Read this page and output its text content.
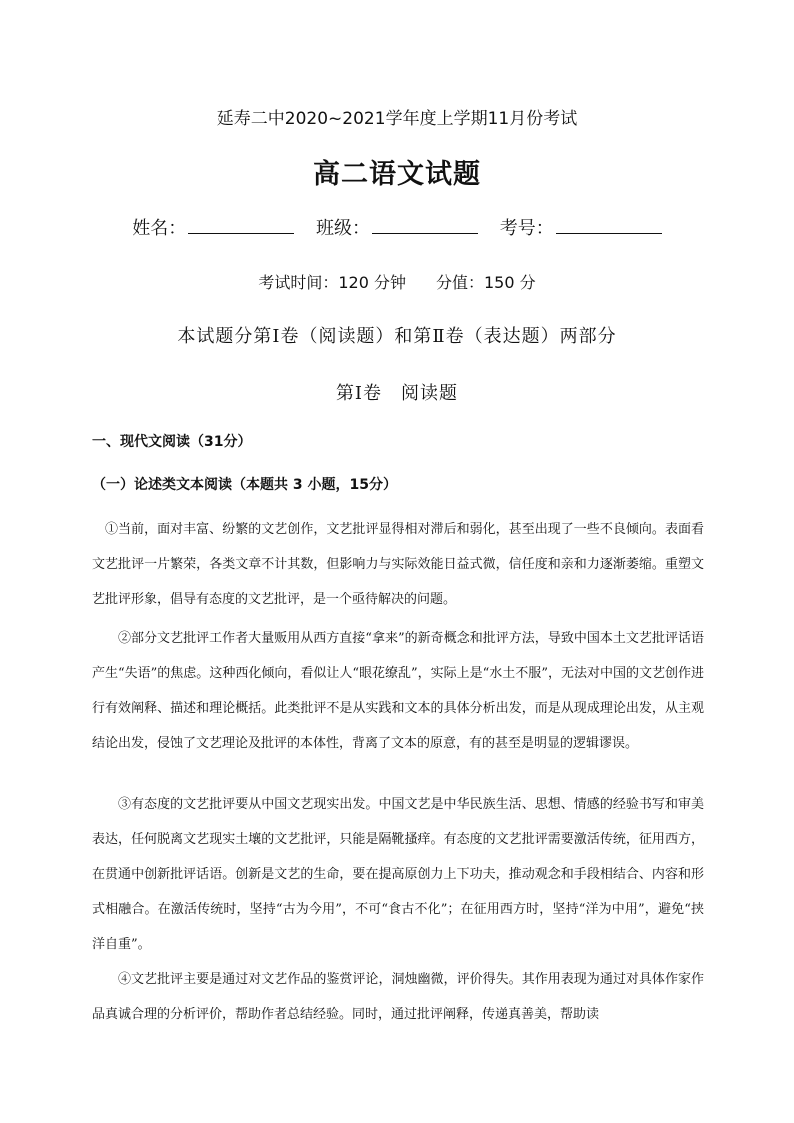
延寿二中2020~2021学年度上学期11月份考试
高二语文试题
姓名：	班级：	考号：
考试时间：120 分钟 分值：150 分
本试题分第Ⅰ卷（阅读题）和第Ⅱ卷（表达题）两部分
第Ⅰ卷　阅读题
一、现代文阅读（31分）
（一）论述类文本阅读（本题共 3 小题，15分）

①当前，面对丰富、纷繁的文艺创作，文艺批评显得相对滞后和弱化，甚至出现了一些不良倾向。表面看文艺批评一片繁荣，各类文章不计其数，但影响力与实际效能日益式微，信任度和亲和力逐渐萎缩。重塑文艺批评形象，倡导有态度的文艺批评，是一个亟待解决的问题。

②部分文艺批评工作者大量贩用从西方直接“拿来”的新奇概念和批评方法，导致中国本土文艺批评话语产生“失语”的焦虑。这种西化倾向，看似让人“眼花缭乱”，实际上是“水土不服”，无法对中国的文艺创作进行有效阐释、描述和理论概括。此类批评不是从实践和文本的具体分析出发，而是从现成理论出发，从主观结论出发，侵蚀了文艺理论及批评的本体性，背离了文本的原意，有的甚至是明显的逻辑谬误。

③有态度的文艺批评要从中国文艺现实出发。中国文艺是中华民族生活、思想、情感的经验书写和审美表达，任何脱离文艺现实土壤的文艺批评，只能是隔靴搔痒。有态度的文艺批评需要激活传统，征用西方，在贯通中创新批评话语。创新是文艺的生命，要在提高原创力上下功夫，推动观念和手段相结合、内容和形式相融合。在激活传统时，坚持“古为今用”，不可“食古不化”；在征用西方时，坚持“洋为中用”，避免“挟洋自重”。

④文艺批评主要是通过对文艺作品的鉴赏评论，洞烛幽微，评价得失。其作用表现为通过对具体作家作品真诚合理的分析评价，帮助作者总结经验。同时，通过批评阐释，传递真善美，帮助读
